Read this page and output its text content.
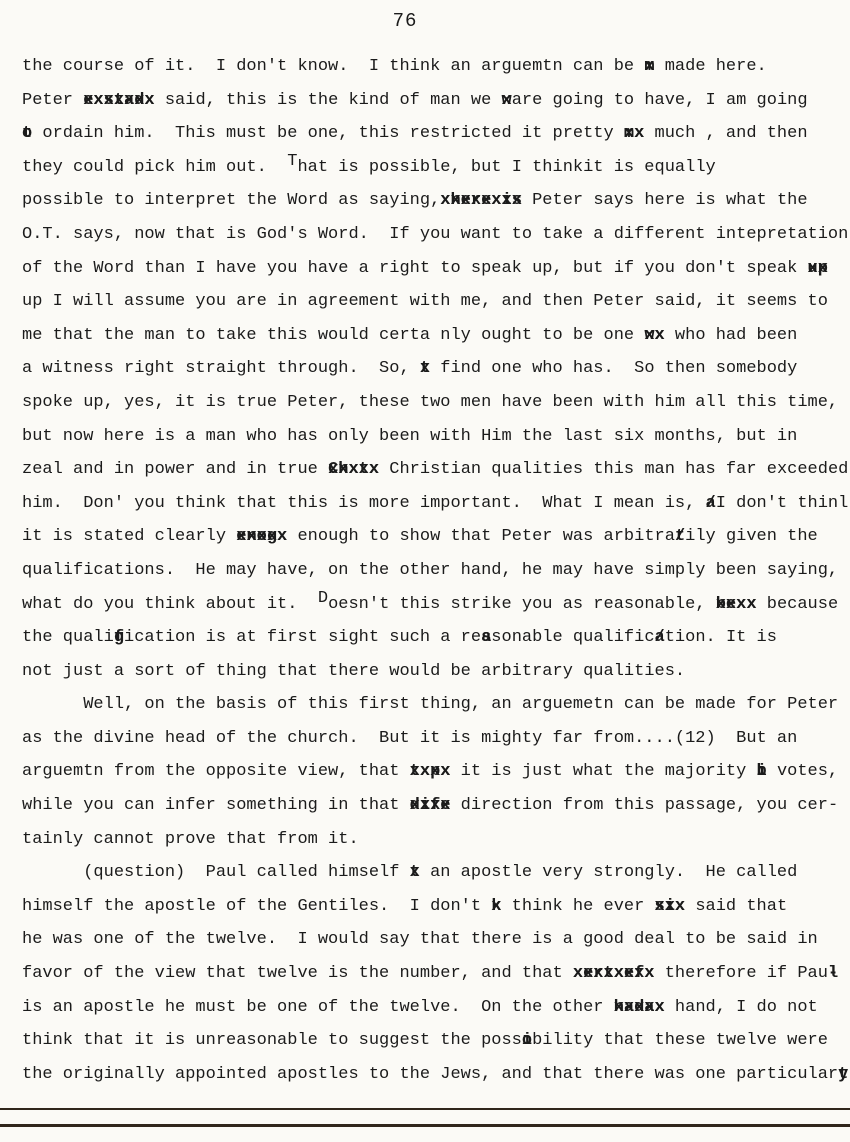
76
the course of it.  I don't know.  I think an arguemtn can be m x made here.
Peter exstadx xxxxxxx said, this is the kind of man we w xare going to have, I am going
t o ordain him.  This must be one, this restricted it pretty mx xx much , and then
they could pick him out.  That is possible, but I thinkit is equally
possible to interpret the Word as saying,xherexis xxxxxxxx Peter says here is what the
O.T. says, now that is God's Word.  If you want to take a different intepretation
of the Word than I have you have a right to speak up, but if you don't speak up xx
up I will assume you are in agreement with me, and then Peter said, it seems to
me that the man to take this would certa nly ought to be one wx xx who had been
a witness right straight through.  So, t x find one who has.  So then somebody
spoke up, yes, it is true Peter, these two men have been with him all this time,
but now here is a man who has only been with Him the last six months, but in
zeal and in power and in true Chxtx xxxxx Christian qualities this man has far exceeded
him.  Don' you think that this is more important.  What I mean is, a /I don't thinl
it is stated clearly enogx xxxxx enough to show that Peter was arbitrat /ily given the
qualifications.  He may have, on the other hand, he may have simply been saying,
what do you think about it.  Doesn't this strike you as reasonable, bexx xxxx because
the qualig fication is at first sight such a rea ssonable qualifica /tion. It is
not just a sort of thing that there would be arbitrary qualities.
Well, on the basis of this first thing, an arguemetn can be made for Peter
as the divine head of the church.  But it is mighty far from....(12)  But an
arguemtn from the opposite view, that txpx xxxx it is just what the majority b i votes,
while you can infer something in that dife xxxx direction from this passage, you cer-
tainly cannot prove that from it.
(question)  Paul called himself t x an apostle very strongly.  He called
himself the apostle of the Gentiles.  I don't k x think he ever six xxx said that
he was one of the twelve.  I would say that there is a good deal to be said in
favor of the view that twelve is the number, and that xertxefx xxxxxxxx therefore if Paul -
is an apostle he must be one of the twelve.  On the other hadax xxxxx hand, I do not
think that it is unreasonable to suggest the posso ibility that these twelve were
the originally appointed apostles to the Jews, and that there was one particulary t
